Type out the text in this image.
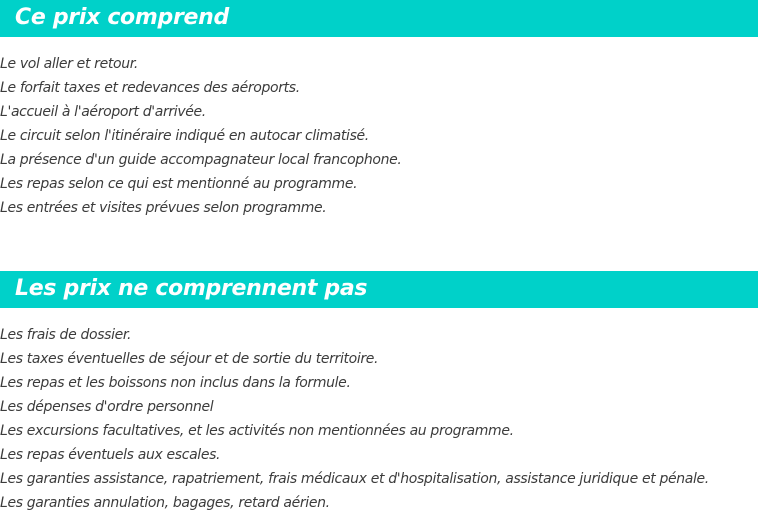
Ce prix comprend
Le vol aller et retour.
Le forfait taxes et redevances des aéroports.
L'accueil à l'aéroport d'arrivée.
Le circuit selon l'itinéraire indiqué en autocar climatisé.
La présence d'un guide accompagnateur local francophone.
Les repas selon ce qui est mentionné au programme.
Les entrées et visites prévues selon programme.
Les prix ne comprennent pas
Les frais de dossier.
Les taxes éventuelles de séjour et de sortie du territoire.
Les repas et les boissons non inclus dans la formule.
Les dépenses d'ordre personnel
Les excursions facultatives, et les activités non mentionnées au programme.
Les repas éventuels aux escales.
Les garanties assistance, rapatriement, frais médicaux et d'hospitalisation, assistance juridique et pénale.
Les garanties annulation, bagages, retard aérien.
